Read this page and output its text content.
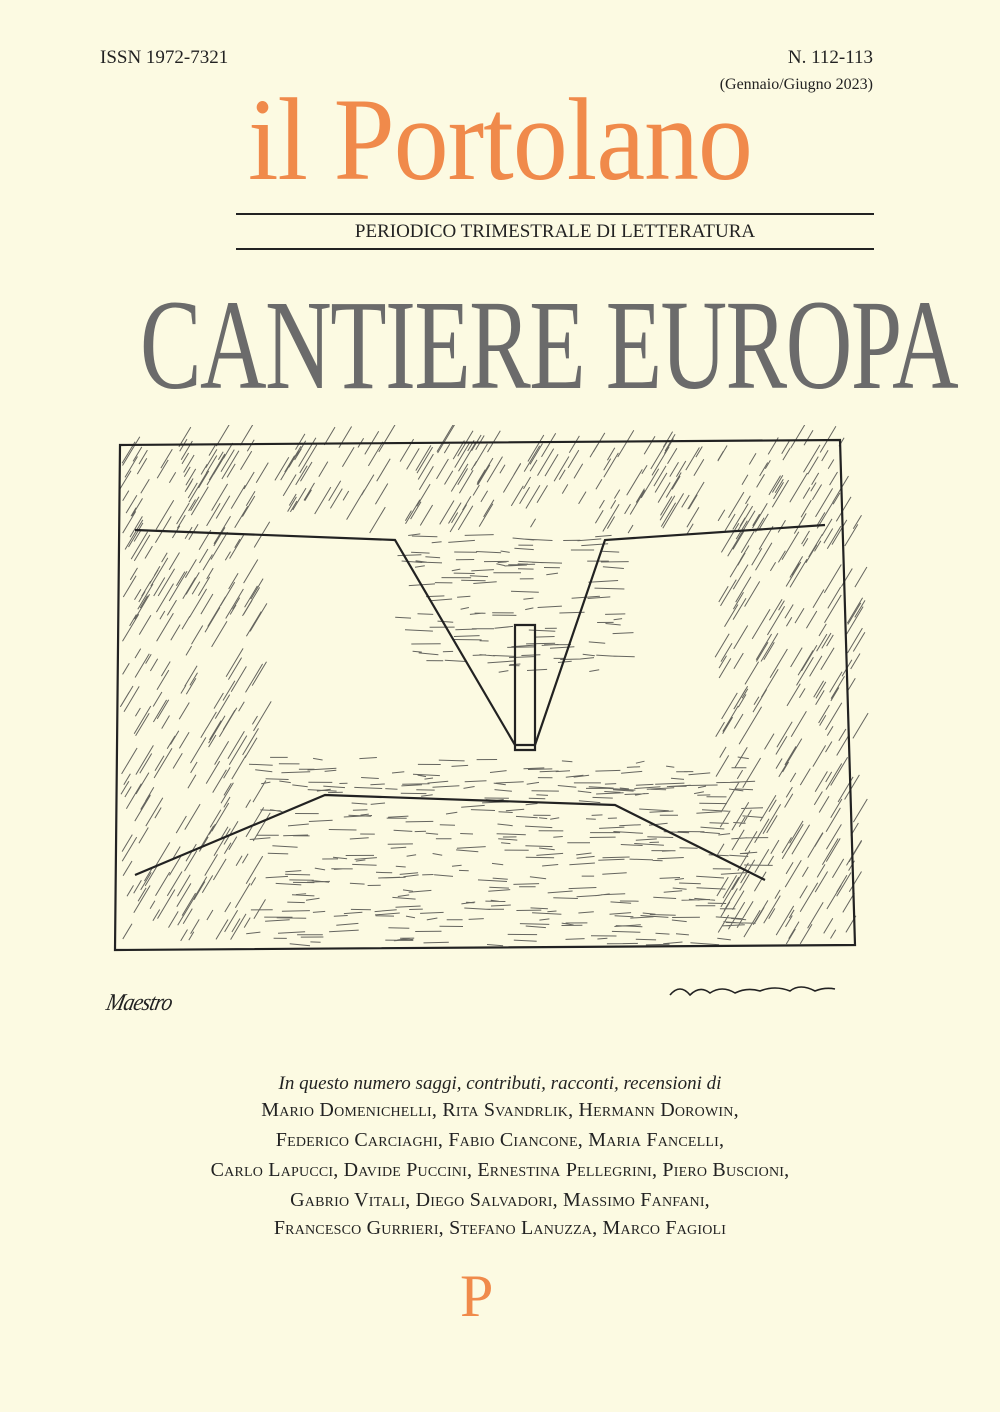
ISSN 1972-7321	N. 112-113
(Gennaio/Giugno 2023)
il Portolano
PERIODICO TRIMESTRALE DI LETTERATURA
CANTIERE EUROPA
Maestro
In questo numero saggi, contributi, racconti, recensioni di
Mario Domenichelli, Rita Svandrlik, Hermann Dorowin,
Federico Carciaghi, Fabio Ciancone, Maria Fancelli,
Carlo Lapucci, Davide Puccini, Ernestina Pellegrini, Piero Buscioni,
Gabrio Vitali, Diego Salvadori, Massimo Fanfani,
Francesco Gurrieri, Stefano Lanuzza, Marco Fagioli
P
